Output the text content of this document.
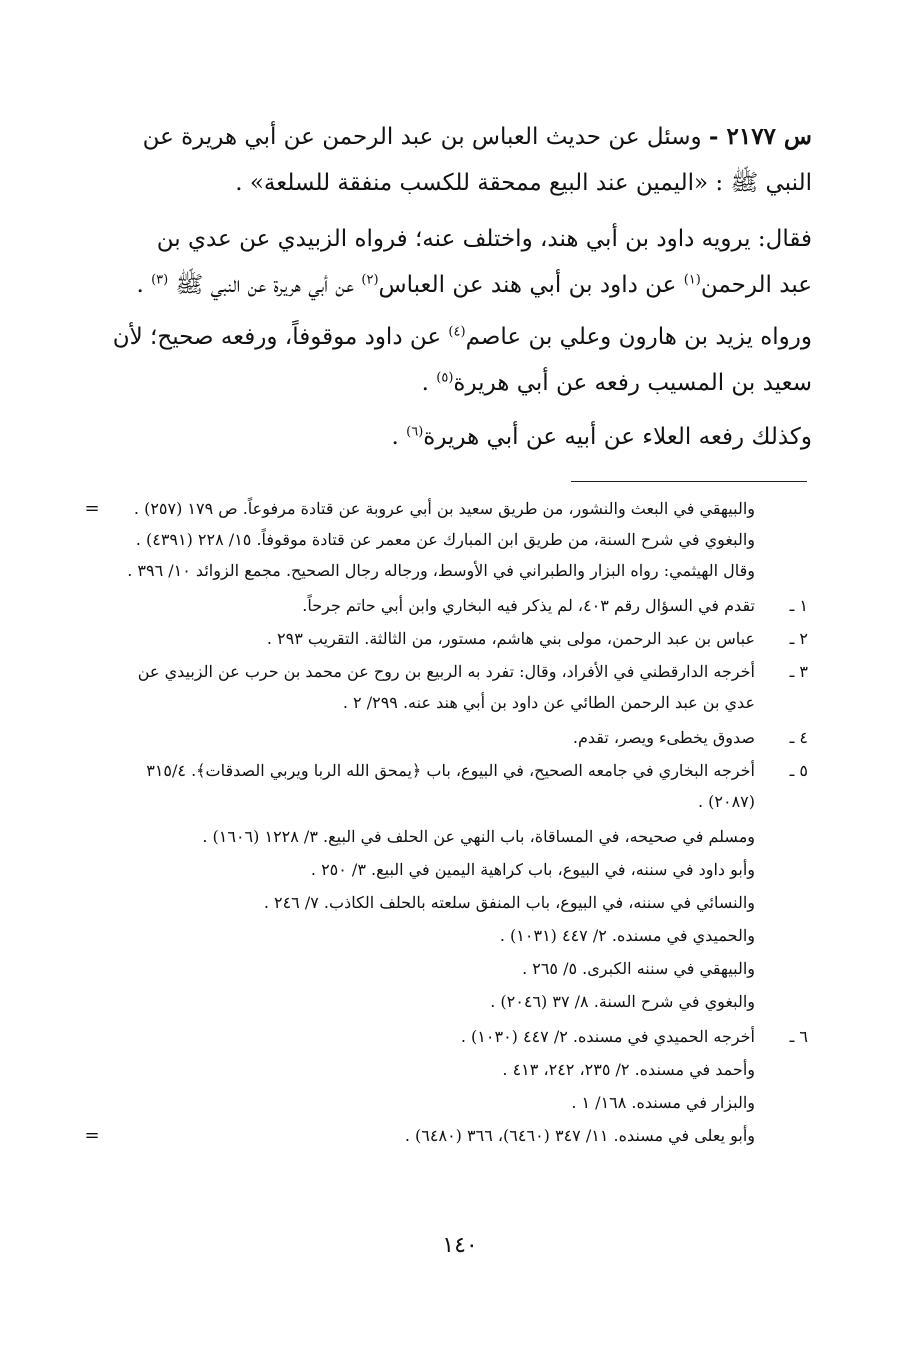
س ٢١٧٧ - وسئل عن حديث العباس بن عبد الرحمن عن أبي هريرة عن
النبي ﷺ : «اليمين عند البيع ممحقة للكسب منفقة للسلعة» .
فقال: يرويه داود بن أبي هند، واختلف عنه؛ فرواه الزبيدي عن عدي بن
عبد الرحمن$^{(١)}$ عن داود بن أبي هند عن العباس$^{(٢)}$ عن أبي هريرة عن النبي ﷺ $^{(٣)}$ .
ورواه يزيد بن هارون وعلي بن عاصم$^{(٤)}$ عن داود موقوفاً، ورفعه صحيح؛ لأن
سعيد بن المسيب رفعه عن أبي هريرة$^{(٥)}$ .
وكذلك رفعه العلاء عن أبيه عن أبي هريرة$^{(٦)}$ .
=	والبيهقي في البعث والنشور، من طريق سعيد بن أبي عروبة عن قتادة مرفوعاً. ص ١٧٩ (٢٥٧) .
والبغوي في شرح السنة، من طريق ابن المبارك عن معمر عن قتادة موقوفاً. ١٥/ ٢٢٨ (٤٣٩١) .
وقال الهيثمي: رواه البزار والطبراني في الأوسط، ورجاله رجال الصحيح. مجمع الزوائد ١٠/ ٣٩٦ .
١ ـ
تقدم في السؤال رقم ٤٠٣، لم يذكر فيه البخاري وابن أبي حاتم جرحاً.
٢ ـ
عباس بن عبد الرحمن، مولى بني هاشم، مستور، من الثالثة. التقريب ٢٩٣ .
٣ ـ
أخرجه الدارقطني في الأفراد، وقال: تفرد به الربيع بن روح عن محمد بن حرب عن الزبيدي عن
عدي بن عبد الرحمن الطائي عن داود بن أبي هند عنه. ٢٩٩/ ٢ .
٤ ـ
صدوق يخطىء ويصر، تقدم.
٥ ـ
أخرجه البخاري في جامعه الصحيح، في البيوع، باب ﴿يمحق الله الربا ويربي الصدقات﴾. ٣١٥/٤
(٢٠٨٧) .
ومسلم في صحيحه، في المساقاة، باب النهي عن الحلف في البيع. ٣/ ١٢٢٨ (١٦٠٦) .
وأبو داود في سننه، في البيوع، باب كراهية اليمين في البيع. ٣/ ٢٥٠ .
والنسائي في سننه، في البيوع، باب المنفق سلعته بالحلف الكاذب. ٧/ ٢٤٦ .
والحميدي في مسنده. ٢/ ٤٤٧ (١٠٣١) .
والبيهقي في سننه الكبرى. ٥/ ٢٦٥ .
والبغوي في شرح السنة. ٨/ ٣٧ (٢٠٤٦) .
٦ ـ
أخرجه الحميدي في مسنده. ٢/ ٤٤٧ (١٠٣٠) .
وأحمد في مسنده. ٢/ ٢٣٥، ٢٤٢، ٤١٣ .
والبزار في مسنده. ١٦٨/ ١ .
وأبو يعلى في مسنده. ١١/ ٣٤٧ (٦٤٦٠)، ٣٦٦ (٦٤٨٠) .
=
١٤٠
